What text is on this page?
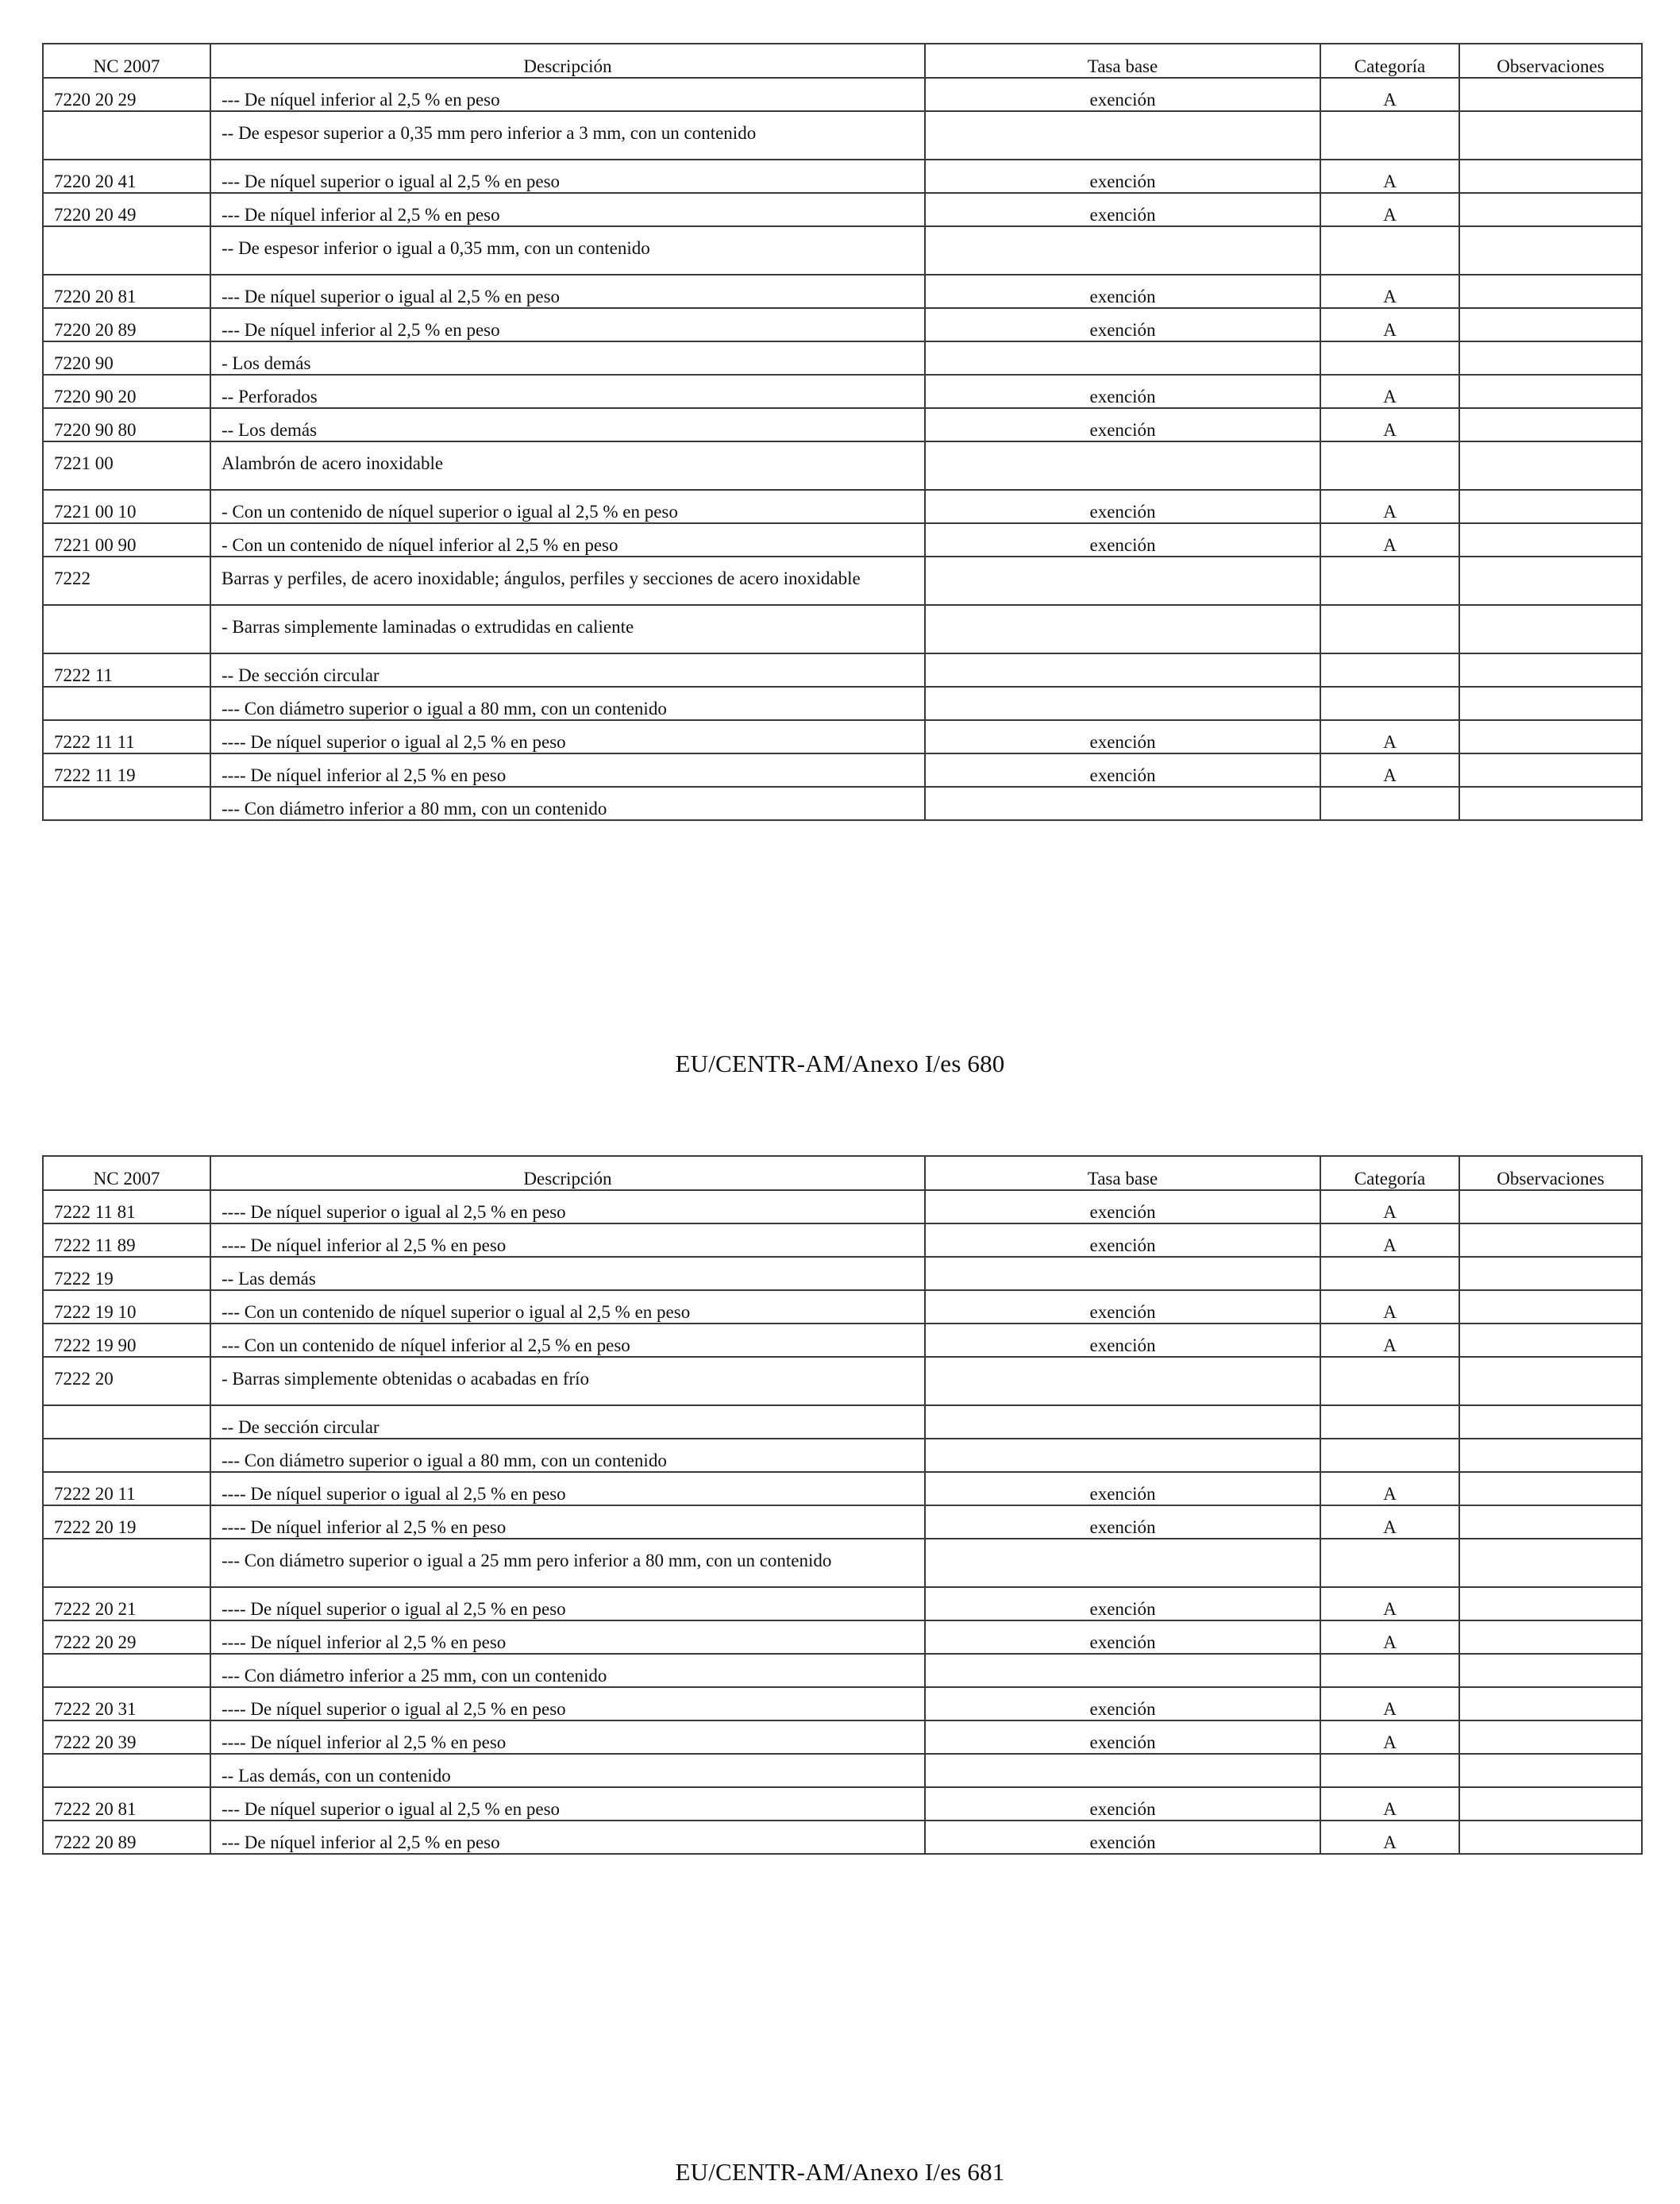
NC 2007	Descripción	Tasa base	Categoría	Observaciones
7220 20 29	--- De níquel inferior al 2,5 % en peso	exención	A	
	-- De espesor superior a 0,35 mm pero inferior a 3 mm, con un contenido			
7220 20 41	--- De níquel superior o igual al 2,5 % en peso	exención	A	
7220 20 49	--- De níquel inferior al 2,5 % en peso	exención	A	
	-- De espesor inferior o igual a 0,35 mm, con un contenido			
7220 20 81	--- De níquel superior o igual al 2,5 % en peso	exención	A	
7220 20 89	--- De níquel inferior al 2,5 % en peso	exención	A	
7220 90	- Los demás			
7220 90 20	-- Perforados	exención	A	
7220 90 80	-- Los demás	exención	A	
7221 00	Alambrón de acero inoxidable			
7221 00 10	- Con un contenido de níquel superior o igual al 2,5 % en peso	exención	A	
7221 00 90	- Con un contenido de níquel inferior al 2,5 % en peso	exención	A	
7222	Barras y perfiles, de acero inoxidable; ángulos, perfiles y secciones de acero inoxidable			
	- Barras simplemente laminadas o extrudidas en caliente			
7222 11	-- De sección circular			
	--- Con diámetro superior o igual a 80 mm, con un contenido			
7222 11 11	---- De níquel superior o igual al 2,5 % en peso	exención	A	
7222 11 19	---- De níquel inferior al 2,5 % en peso	exención	A	
	--- Con diámetro inferior a 80 mm, con un contenido			
EU/CENTR-AM/Anexo I/es 680
NC 2007	Descripción	Tasa base	Categoría	Observaciones
7222 11 81	---- De níquel superior o igual al 2,5 % en peso	exención	A	
7222 11 89	---- De níquel inferior al 2,5 % en peso	exención	A	
7222 19	-- Las demás			
7222 19 10	--- Con un contenido de níquel superior o igual al 2,5 % en peso	exención	A	
7222 19 90	--- Con un contenido de níquel inferior al 2,5 % en peso	exención	A	
7222 20	- Barras simplemente obtenidas o acabadas en frío			
	-- De sección circular			
	--- Con diámetro superior o igual a 80 mm, con un contenido			
7222 20 11	---- De níquel superior o igual al 2,5 % en peso	exención	A	
7222 20 19	---- De níquel inferior al 2,5 % en peso	exención	A	
	--- Con diámetro superior o igual a 25 mm pero inferior a 80 mm, con un contenido			
7222 20 21	---- De níquel superior o igual al 2,5 % en peso	exención	A	
7222 20 29	---- De níquel inferior al 2,5 % en peso	exención	A	
	--- Con diámetro inferior a 25 mm, con un contenido			
7222 20 31	---- De níquel superior o igual al 2,5 % en peso	exención	A	
7222 20 39	---- De níquel inferior al 2,5 % en peso	exención	A	
	-- Las demás, con un contenido			
7222 20 81	--- De níquel superior o igual al 2,5 % en peso	exención	A	
7222 20 89	--- De níquel inferior al 2,5 % en peso	exención	A	
EU/CENTR-AM/Anexo I/es 681
